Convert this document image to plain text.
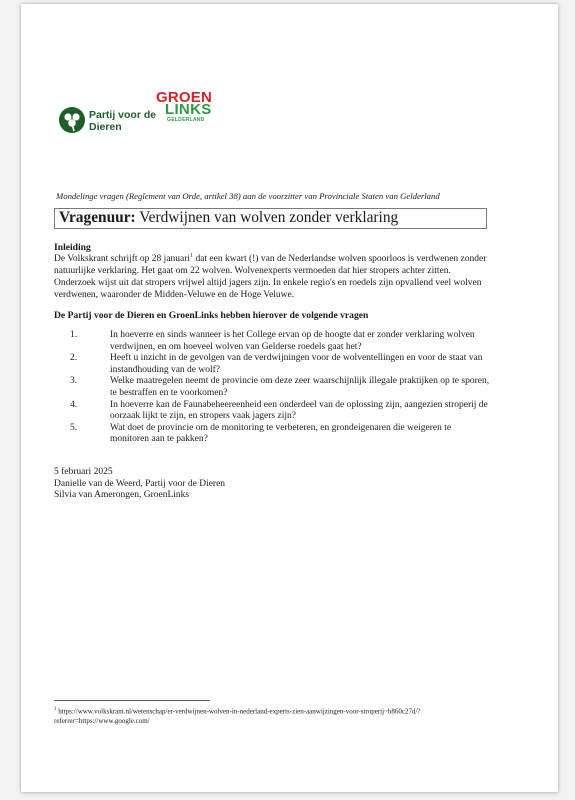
Partij voor de Dieren
GROEN
LINKS
GELDERLAND
Mondelinge vragen (Reglement van Orde, artikel 38) aan de voorzitter van Provinciale Staten van Gelderland
Vragenuur: Verdwijnen van wolven zonder verklaring
Inleiding
De Volkskrant schrijft op 28 januari$^1$ dat een kwart (!) van de Nederlandse wolven spoorloos is verdwenen zonder natuurlijke verklaring. Het gaat om 22 wolven. Wolvenexperts vermoeden dat hier stropers achter zitten. Onderzoek wijst uit dat stropers vrijwel altijd jagers zijn. In enkele regio's en roedels zijn opvallend veel wolven verdwenen, waaronder de Midden-Veluwe en de Hoge Veluwe.
De Partij voor de Dieren en GroenLinks hebben hierover de volgende vragen
1.	In hoeverre en sinds wanneer is het College ervan op de hoogte dat er zonder verklaring wolven verdwijnen, en om hoeveel wolven van Gelderse roedels gaat het?
2.	Heeft u inzicht in de gevolgen van de verdwijningen voor de wolventellingen en voor de staat van instandhouding van de wolf?
3.	Welke maatregelen neemt de provincie om deze zeer waarschijnlijk illegale praktijken op te sporen, te bestraffen en te voorkomen?
4.	In hoeverre kan de Faunabeheereenheid een onderdeel van de oplossing zijn, aangezien stroperij de oorzaak lijkt te zijn, en stropers vaak jagers zijn?
5.	Wat doet de provincie om de monitoring te verbeteren, en grondeigenaren die weigeren te monitoren aan te pakken?
5 februari 2025
Danielle van de Weerd, Partij voor de Dieren
Silvia van Amerongen, GroenLinks
$^1$ https://www.volkskrant.nl/wetenschap/er-verdwijnen-wolven-in-nederland-experts-zien-aanwijzingen-voor-stroperij~b860c27d/?referrer=https://www.google.com/
